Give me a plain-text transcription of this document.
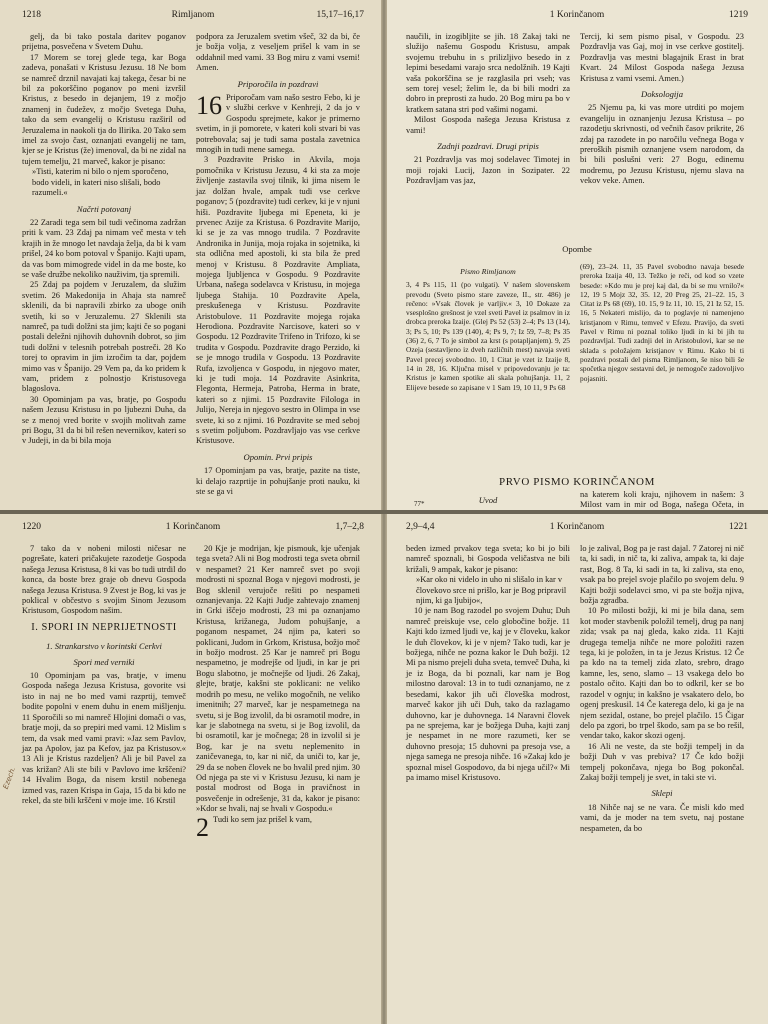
1218	Rimljanom	15,17–16,17

gelj, da bi tako postala daritev poganov prijetna, posvečena v Svetem Duhu.

17 Morem se torej glede tega, kar Boga zadeva, ponašati v Kristusu Jezusu. 18 Ne bom se namreč drznil navajati kaj takega, česar bi ne bil za pokorščino poganov po meni izvršil Kristus, z besedo in dejanjem, 19 z močjo znamenj in čudežev, z močjo Svetega Duha, tako da sem evangelij o Kristusu razširil od Jeruzalema in naokoli tja do Ilirika. 20 Tako sem imel za svojo čast, oznanjati evangelij ne tam, kjer se je Kristus (že) imenoval, da bi ne zidal na tujem temelju, 21 marveč, kakor je pisano:

»Tisti, katerim ni bilo o njem sporočeno, bodo videli, in kateri niso slišali, bodo razumeli.«

Načrti potovanj

22 Zaradi tega sem bil tudi večinoma zadržan priti k vam. 23 Zdaj pa nimam več mesta v teh krajih in že mnogo let navdaja želja, da bi k vam prišel, 24 ko bom potoval v Španijo. Kajti upam, da vas bom mimogrede videl in da me boste, ko se vaše družbe nekoliko nauživim, tja spremili.

25 Zdaj pa pojdem v Jeruzalem, da služim svetim. 26 Makedonija in Ahaja sta namreč sklenili, da bi napravili zbirko za uboge onih svetih, ki so v Jeruzalemu. 27 Sklenili sta namreč, pa tudi dolžni sta jim; kajti če so pogani postali deležni njihovih duhovnih dobrot, so jim tudi dolžni v telesnih potrebah postreči. 28 Ko torej to opravim in jim izročim ta dar, pojdem mimo vas v Španijo. 29 Vem pa, da ko pridem k vam, pridem z polnostjo Kristusovega blagoslova.

30 Opominjam pa vas, bratje, po Gospodu našem Jezusu Kristusu in po ljubezni Duha, da se z menoj vred borite v svojih molitvah zame pri Bogu, 31 da bi bil rešen nevernikov, kateri so v Judeji, in da bi bila moja

podpora za Jeruzalem svetim všeč, 32 da bi, če je božja volja, z veseljem prišel k vam in se oddahnil med vami. 33 Bog miru z vami vsemi! Amen.

Priporočila in pozdravi

16 Priporočam vam našo sestro Febo, ki je v službi cerkve v Kenhreji, 2 da jo v Gospodu sprejmete, kakor je primerno svetim, in ji pomorete, v kateri koli stvari bi vas potrebovala; saj je tudi sama postala zavetnica mnogih in tudi mene samega.

3 Pozdravite Prisko in Akvila, moja pomočnika v Kristusu Jezusu, 4 ki sta za moje življenje zastavila svoj tilnik, ki jima nisem le jaz dolžan hvale, ampak tudi vse cerkve poganov; 5 (pozdravite) tudi cerkev, ki je v njuni hiši. Pozdravite ljubega mi Epeneta, ki je prvenec Azije za Kristusa. 6 Pozdravite Marijo, ki se je za vas mnogo trudila. 7 Pozdravite Andronika in Junija, moja rojaka in sojetnika, ki sta odlična med apostoli, ki sta bila že pred menoj v Kristusu. 8 Pozdravite Ampliata, mojega ljubljenca v Gospodu. 9 Pozdravite Urbana, našega sodelavca v Kristusu, in mojega ljubega Stahija. 10 Pozdravite Apela, preskušenega v Kristusu. Pozdravite Aristobulove. 11 Pozdravite mojega rojaka Herodiona. Pozdravite Narcisove, kateri so v Gospodu. 12 Pozdravite Trifeno in Trifozo, ki se trudita v Gospodu. Pozdravite drago Perzido, ki se je mnogo trudila v Gospodu. 13 Pozdravite Rufa, izvoljenca v Gospodu, in njegovo mater, ki je tudi moja. 14 Pozdravite Asinkrita, Flegonta, Hermeja, Patroba, Herma in brate, kateri so z njimi. 15 Pozdravite Filologa in Julijo, Nereja in njegovo sestro in Olimpa in vse svete, ki so z njimi. 16 Pozdravite se med seboj s svetim poljubom. Pozdravljajo vas vse cerkve Kristusove.

Opomin. Prvi pripis

17 Opominjam pa vas, bratje, pazite na tiste, ki delajo razprtije in pohujšanje proti nauku, ki ste se ga vi

1 Korinčanom	1219

naučili, in izogibljite se jih. 18 Zakaj taki ne služijo našemu Gospodu Kristusu, ampak svojemu trebuhu in s prilizljivo besedo in z lepimi besedami varajo srca nedolžnih. 19 Kajti vaša pokorščina se je razglasila pri vseh; vas sem torej vesel; želim le, da bi bili modri za dobro in preprosti za hudo. 20 Bog miru pa bo v kratkem satana stri pod vašimi nogami.

Milost Gospoda našega Jezusa Kristusa z vami!

Zadnji pozdravi. Drugi pripis

21 Pozdravlja vas moj sodelavec Timotej in moji rojaki Lucij, Jazon in Sozipater. 22 Pozdravljam vas jaz,

Tercij, ki sem pismo pisal, v Gospodu. 23 Pozdravlja vas Gaj, moj in vse cerkve gostitelj. Pozdravlja vas mestni blagajnik Erast in brat Kvart. 24 Milost Gospoda našega Jezusa Kristusa z vami vsemi. Amen.)

Doksologija

25 Njemu pa, ki vas more utrditi po mojem evangeliju in oznanjenju Jezusa Kristusa – po razodetju skrivnosti, od večnih časov prikrite, 26 zdaj pa razodete in po naročilu večnega Boga v preroških pismih oznanjene vsem narodom, da bi bili poslušni veri: 27 Bogu, edinemu modremu, po Jezusu Kristusu, njemu slava na vekov veke. Amen.

Opombe
Pismo Rimljanom

3, 4 Ps 115, 11 (po vulgati). V našem slovenskem prevodu (Sveto pismo stare zaveze, II., str. 486) je rečeno: »Vsak človek je varljiv.« 3, 10 Dokaze za vsesplošno grešnost je vzel sveti Pavel iz psalmov in iz drobca preroka Izaije. (Glej Ps 52 (53) 2–4; Ps 13 (14), 3; Ps 5, 10; Ps 139 (140), 4; Ps 9, 7; Iz 59, 7–8; Ps 35 (36) 2, 6, 7 To je simbol za krst (s potapljanjem). 9, 25 Ozeja (sestavljeno iz dveh različnih mest) navaja sveti Pavel precej svobodno. 10, 1 Citat je vzet iz Izaije 8, 14 in 28, 16. Ključna misel v pripovedovanju je ta: Kristus je kamen spotike ali skala pohujšanja. 11, 2 Elijeve besede so zapisane v 1 Sam 19, 10 11, 9 Ps 68

(69), 23–24. 11, 35 Pavel svobodno navaja besede preroka Izaija 40, 13. Težko je reči, od kod so vzete besede: »Kdo mu je prej kaj dal, da bi se mu vrnilo?« 12, 19 5 Mojz 32, 35. 12, 20 Preg 25, 21–22. 15, 3 Citat iz Ps 68 (69), 10. 15, 9 Iz 11, 10. 15, 21 Iz 52, 15. 16, 5 Nekateri mislijo, da to poglavje ni namenjeno kristjanom v Rimu, temveč v Efezu. Pravijo, da sveti Pavel v Rimu ni poznal toliko ljudi in ki bi jih tu pozdravljal. Tudi zadnji del in Aristobulovi, kar se ne sklada s položajem kristjanov v Rimu. Kako bi ti pozdravi postali del pisma Rimljanom, še niso bili še spočetka njegov sestavni del, je nemogoče zadovoljivo pojasniti.

PRVO PISMO KORINČANOM
77*
1220	1 Korinčanom	1,7–2,8

7 tako da v nobeni milosti ničesar ne pogrešate, kateri pričakujete razodetje Gospoda našega Jezusa Kristusa, 8 ki vas bo tudi utrdil do konca, da boste brez graje ob dnevu Gospoda našega Jezusa Kristusa. 9 Zvest je Bog, ki vas je poklical v občestvo s svojim Sinom Jezusom Kristusom, Gospodom našim.

I. SPORI IN NEPRIJETNOSTI
1. Strankarstvo v korintski Cerkvi
Spori med verniki

10 Opominjam pa vas, bratje, v imenu Gospoda našega Jezusa Kristusa, govorite vsi isto in naj ne bo med vami razprtij, temveč bodite popolni v enem duhu in enem mišljenju. 11 Sporočili so mi namreč Hlojini domači o vas, bratje moji, da so prepiri med vami. 12 Mislim s tem, da vsak med vami pravi: »Jaz sem Pavlov, jaz pa Apolov, jaz pa Kefov, jaz pa Kristusov.« 13 Ali je Kristus razdeljen? Ali je bil Pavel za vas križan? Ali ste bili v Pavlovo ime krščeni? 14 Hvalim Boga, da nisem krstil nobenega izmed vas, razen Krispa in Gaja, 15 da bi kdo ne rekel, da ste bili krščeni v moje ime. 16 Krstil

20 Kje je modrijan, kje pismouk, kje učenjak tega sveta? Ali ni Bog modrosti tega sveta obrnil v nespamet? 21 Ker namreč svet po svoji modrosti ni spoznal Boga v njegovi modrosti, je Bog sklenil verujoče rešiti po nespameti oznanjevanja. 22 Kajti Judje zahtevajo znamenj in Grki iščejo modrosti, 23 mi pa oznanjamo Kristusa, križanega, Judom pohujšanje, a poganom nespamet, 24 njim pa, kateri so poklicani, Judom in Grkom, Kristusa, božjo moč in božjo modrost. 25 Kar je namreč pri Bogu nespametno, je modrejše od ljudi, in kar je pri Bogu slabotno, je močnejše od ljudi. 26 Zakaj, glejte, bratje, kakšni ste poklicani: ne veliko modrih po mesu, ne veliko mogočnih, ne veliko imenitnih; 27 marveč, kar je nespametnega na svetu, si je Bog izvolil, da bi osramotil modre, in kar je slabotnega na svetu, si je Bog izvolil, da bi osramotil, kar je močnega; 28 in izvolil si je Bog, kar je na svetu neplemenito in zaničevanega, to, kar ni nič, da uniči to, kar je, 29 da se noben človek ne bo hvalil pred njim. 30 Od njega pa ste vi v Kristusu Jezusu, ki nam je postal modrost od Boga in pravičnost in posvečenje in odrešenje, 31 da, kakor je pisano: »Kdor se hvali, naj se hvali v Gospodu.«

2 Tudi ko sem jaz prišel k vam,

Ezech.
2,9–4,4	1 Korinčanom	1221

beden izmed prvakov tega sveta; ko bi jo bili namreč spoznali, bi Gospoda veličastva ne bili križali, 9 ampak, kakor je pisano:

»Kar oko ni videlo in uho ni slišalo in kar v človekovo srce ni prišlo, kar je Bog pripravil njim, ki ga ljubijo«,

10 je nam Bog razodel po svojem Duhu; Duh namreč preiskuje vse, celo globočine božje. 11 Kajti kdo izmed ljudi ve, kaj je v človeku, kakor le duh človekov, ki je v njem? Tako tudi, kar je božjega, nihče ne pozna kakor le Duh božji. 12 Mi pa nismo prejeli duha sveta, temveč Duha, ki je iz Boga, da bi poznali, kar nam je Bog milostno daroval: 13 in to tudi oznanjamo, ne z besedami, kakor jih uči človeška modrost, marveč kakor jih uči Duh, tako da razlagamo duhovno, kar je duhovnega. 14 Naravni človek pa ne sprejema, kar je božjega Duha, kajti zanj je nespamet in ne more razumeti, ker se duhovno presoja; 15 duhovni pa presoja vse, a njega samega ne presoja nihče. 16 »Zakaj kdo je spoznal misel Gospodovo, da bi njega učil?« Mi pa imamo misel Kristusovo.

lo je zalival, Bog pa je rast dajal. 7 Zatorej ni nič ta, ki sadi, in nič ta, ki zaliva, ampak ta, ki daje rast, Bog. 8 Ta, ki sadi in ta, ki zaliva, sta eno, vsak pa bo prejel svoje plačilo po svojem delu. 9 Kajti božji sodelavci smo, vi pa ste božja njiva, božja zgradba.

10 Po milosti božji, ki mi je bila dana, sem kot moder stavbenik položil temelj, drug pa nanj zida; vsak pa naj gleda, kako zida. 11 Kajti drugega temelja nihče ne more položiti razen tega, ki je položen, in ta je Jezus Kristus. 12 Če pa kdo na ta temelj zida zlato, srebro, drago kamne, les, seno, slamo – 13 vsakega delo bo postalo očito. Kajti dan bo to odkril, ker se bo razodel v ognju; in kakšno je vsakatero delo, bo ogenj preskusil. 14 Če katerega delo, ki ga je na njem sezidal, ostane, bo prejel plačilo. 15 Čigar delo pa zgori, bo trpel škodo, sam pa se bo rešil, vendar tako, kakor skozi ogenj.

16 Ali ne veste, da ste božji tempelj in da božji Duh v vas prebiva? 17 Če kdo božji tempelj pokončava, njega bo Bog pokončal. Zakaj božji tempelj je svet, in taki ste vi.

Sklepi

18 Nihče naj se ne vara. Če misli kdo med vami, da je moder na tem svetu, naj postane nespameten, da bo

Uvod

na katerem koli kraju, njihovem in našem: 3 Milost vam in mir od Boga, našega Očeta, in
